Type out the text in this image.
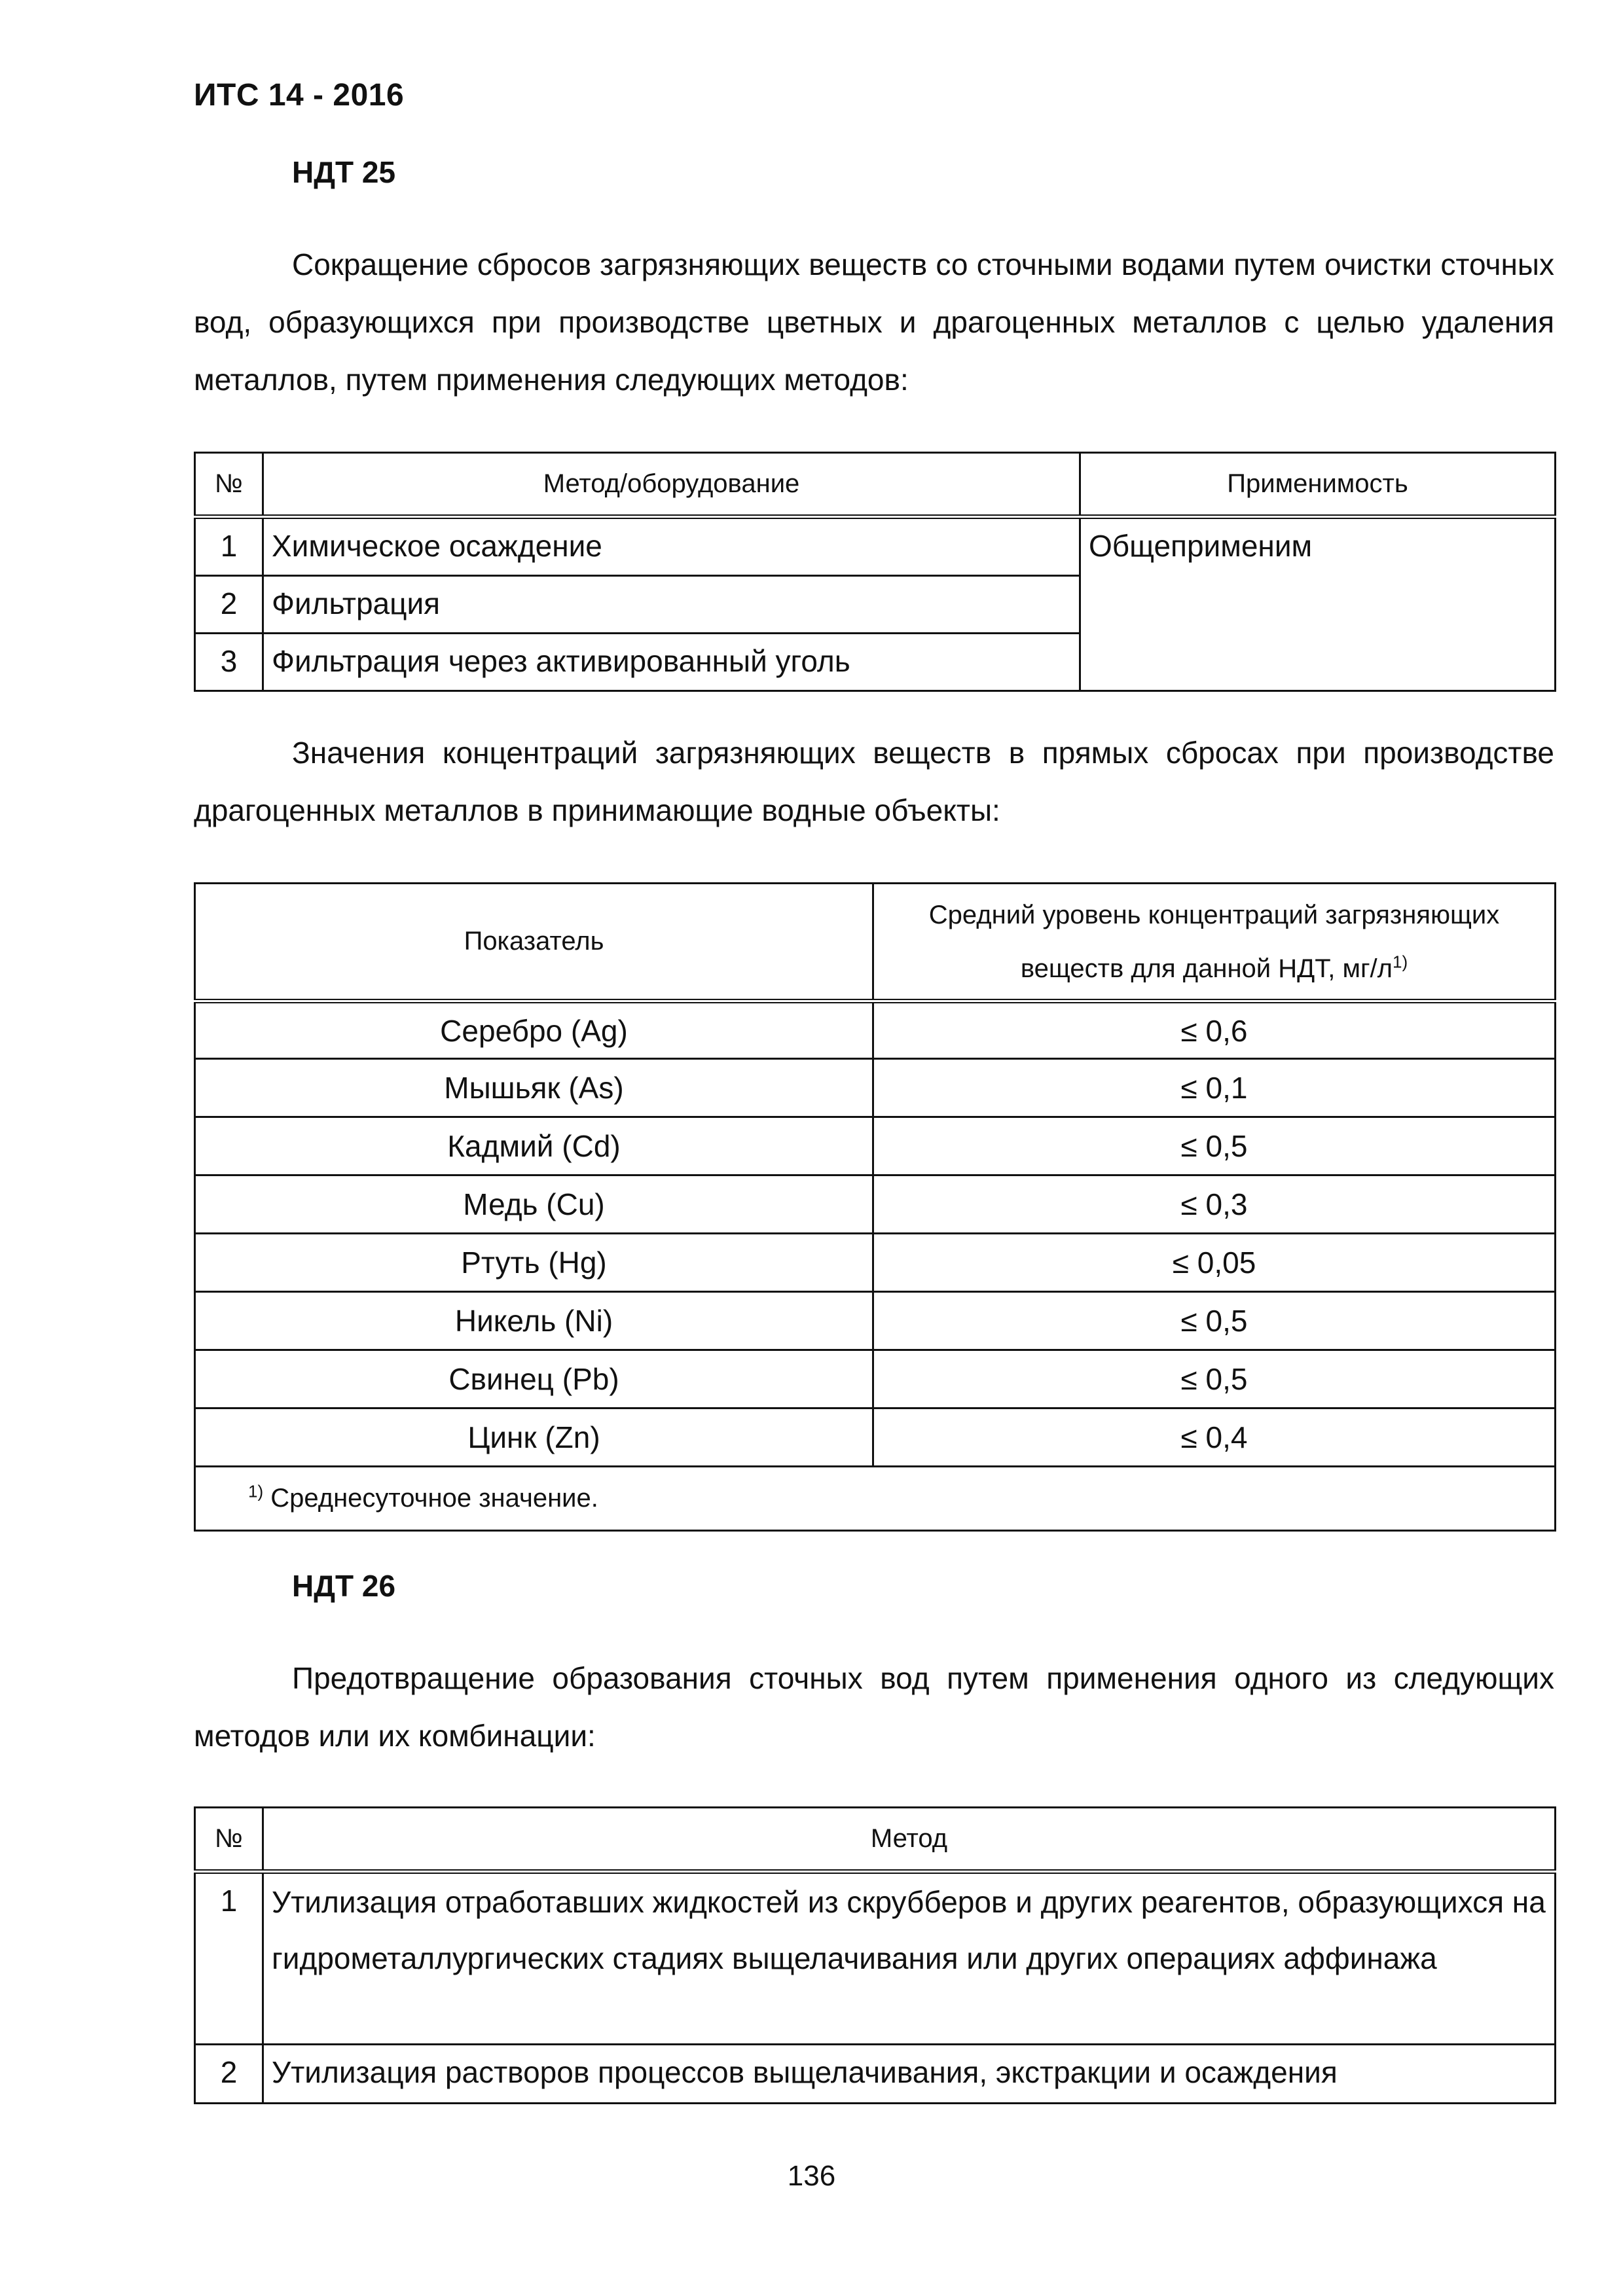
ИТС 14 - 2016
НДТ 25
Сокращение сбросов загрязняющих веществ со сточными водами путем очистки сточных вод, образующихся при производстве цветных и драгоценных металлов с целью удаления металлов, путем применения следующих методов:
№	Метод/оборудование	Применимость
1	Химическое осаждение	Общеприменим
2	Фильтрация	
3	Фильтрация через активированный уголь	
Значения концентраций загрязняющих веществ в прямых сбросах при производстве драгоценных металлов в принимающие водные объекты:
Показатель	Средний уровень концентраций загрязняющих
веществ для данной НДТ, $мг/л^{1)}$
Серебро (Ag)	≤ 0,6
Мышьяк (As)	≤ 0,1
Кадмий (Cd)	≤ 0,5
Медь (Cu)	≤ 0,3
Ртуть (Hg)	≤ 0,05
Никель (Ni)	≤ 0,5
Свинец (Pb)	≤ 0,5
Цинк (Zn)	≤ 0,4
$^{1)}$ Среднесуточное значение.	
НДТ 26
Предотвращение образования сточных вод путем применения одного из следующих методов или их комбинации:
№	Метод
1	Утилизация отработавших жидкостей из скрубберов и других реагентов, образующихся на гидрометаллургических стадиях выщелачивания или других операциях аффинажа
2	Утилизация растворов процессов выщелачивания, экстракции и осаждения
136
